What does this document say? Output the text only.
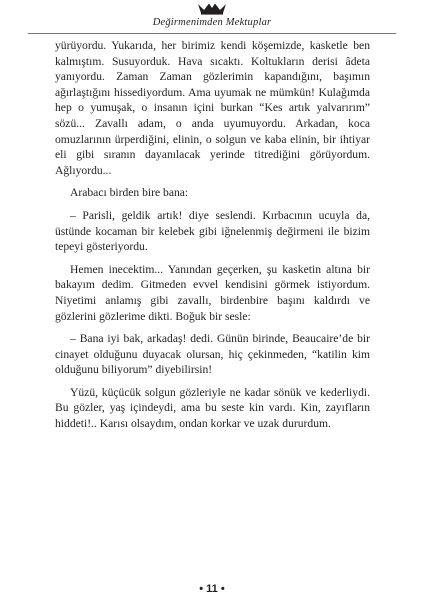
Değirmenimden Mektuplar

yürüyordu. Yukarıda, her birimiz kendi köşemizde, kasketle ben kalmıştım. Susuyorduk. Hava sıcaktı. Koltukların derisi âdeta yanıyordu. Zaman Zaman gözlerimin kapandığını, başımın ağırlaştığını hissediyordum. Ama uyumak ne mümkün! Kulağımda hep o yumuşak, o insanın içini burkan “Kes artık yalvarırım” sözü... Zavallı adam, o anda uyumuyordu. Arkadan, koca omuzlarının ürperdiğini, elinin, o solgun ve kaba elinin, bir ihtiyar eli gibi sıranın dayanılacak yerinde titrediğini görüyordum. Ağlıyordu...

Arabacı birden bire bana:

– Parisli, geldik artık! diye seslendi. Kırbacının ucuyla da, üstünde kocaman bir kelebek gibi iğnelenmiş değirmeni ile bizim tepeyi gösteriyordu.

Hemen inecektim... Yanından geçerken, şu kasketin altına bir bakayım dedim. Gitmeden evvel kendisini görmek istiyordum. Niyetimi anlamış gibi zavallı, birdenbire başını kaldırdı ve gözlerini gözlerime dikti. Boğuk bir sesle:

– Bana iyi bak, arkadaş! dedi. Günün birinde, Beaucaire’de bir cinayet olduğunu duyacak olursan, hiç çekinmeden, “katilin kim olduğunu biliyorum” diyebilirsin!

Yüzü, küçücük solgun gözleriyle ne kadar sönük ve kederliydi. Bu gözler, yaş içindeydi, ama bu seste kin vardı. Kin, zayıfların hiddeti!.. Karısı olsaydım, ondan korkar ve uzak dururdum.

• 11 •
